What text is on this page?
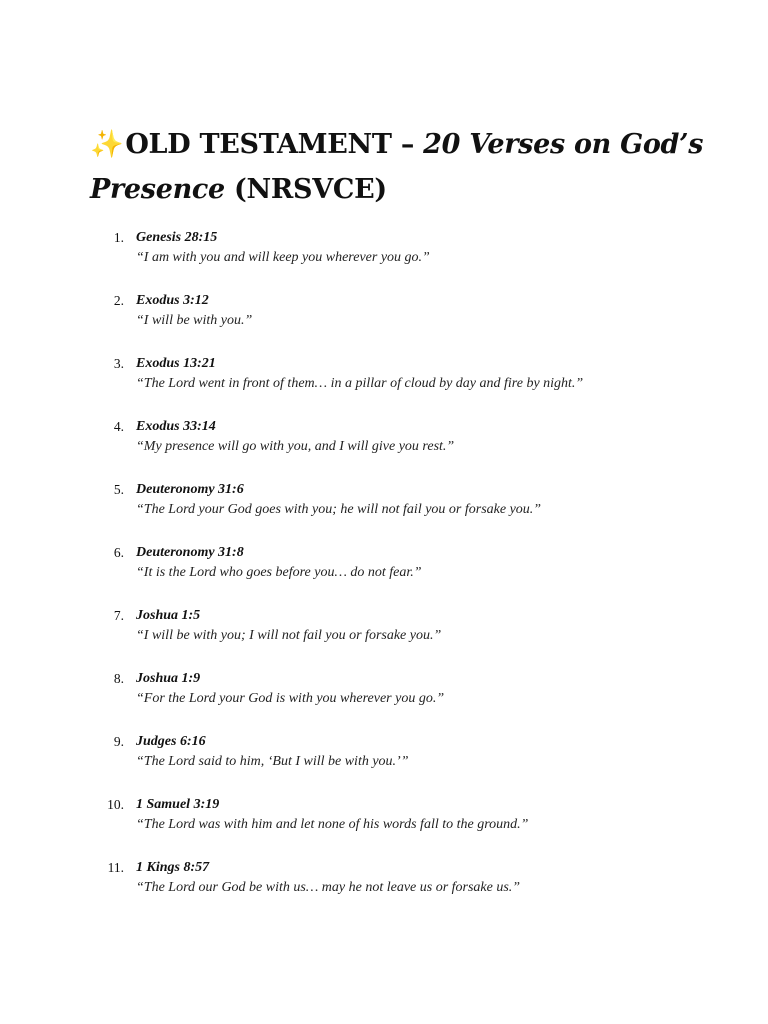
✨OLD TESTAMENT – 20 Verses on God’s Presence (NRSVCE)
1. Genesis 28:15
“I am with you and will keep you wherever you go.”
2. Exodus 3:12
“I will be with you.”
3. Exodus 13:21
“The Lord went in front of them… in a pillar of cloud by day and fire by night.”
4. Exodus 33:14
“My presence will go with you, and I will give you rest.”
5. Deuteronomy 31:6
“The Lord your God goes with you; he will not fail you or forsake you.”
6. Deuteronomy 31:8
“It is the Lord who goes before you… do not fear.”
7. Joshua 1:5
“I will be with you; I will not fail you or forsake you.”
8. Joshua 1:9
“For the Lord your God is with you wherever you go.”
9. Judges 6:16
“The Lord said to him, ‘But I will be with you.’”
10. 1 Samuel 3:19
“The Lord was with him and let none of his words fall to the ground.”
11. 1 Kings 8:57
“The Lord our God be with us… may he not leave us or forsake us.”
